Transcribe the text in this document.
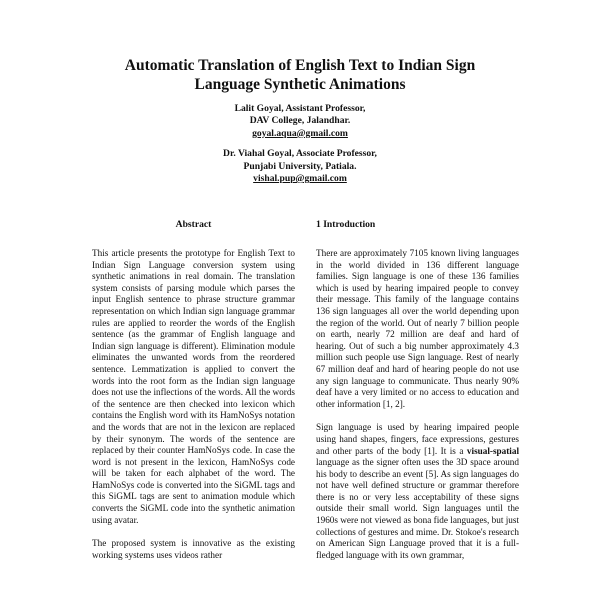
Automatic Translation of English Text to Indian Sign
Language Synthetic Animations
Lalit Goyal, Assistant Professor,
DAV College, Jalandhar.
goyal.aqua@gmail.com
Dr. Viahal Goyal, Associate Professor,
Punjabi University, Patiala.
vishal.pup@gmail.com
Abstract

This article presents the prototype for English Text to Indian Sign Language conversion system using synthetic animations in real domain. The translation system consists of parsing module which parses the input English sentence to phrase structure grammar representation on which Indian sign language grammar rules are applied to reorder the words of the English sentence (as the grammar of English language and Indian sign language is different). Elimination module eliminates the unwanted words from the reordered sentence. Lemmatization is applied to convert the words into the root form as the Indian sign language does not use the inflections of the words. All the words of the sentence are then checked into lexicon which contains the English word with its HamNoSys notation and the words that are not in the lexicon are replaced by their synonym. The words of the sentence are replaced by their counter HamNoSys code. In case the word is not present in the lexicon, HamNoSys code will be taken for each alphabet of the word. The HamNoSys code is converted into the SiGML tags and this SiGML tags are sent to animation module which converts the SiGML code into the synthetic animation using avatar.

The proposed system is innovative as the existing working systems uses videos rather

1 Introduction

There are approximately 7105 known living languages in the world divided in 136 different language families. Sign language is one of these 136 families which is used by hearing impaired people to convey their message. This family of the language contains 136 sign languages all over the world depending upon the region of the world. Out of nearly 7 billion people on earth, nearly 72 million are deaf and hard of hearing. Out of such a big number approximately 4.3 million such people use Sign language. Rest of nearly 67 million deaf and hard of hearing people do not use any sign language to communicate. Thus nearly 90% deaf have a very limited or no access to education and other information [1, 2].

Sign language is used by hearing impaired people using hand shapes, fingers, face expressions, gestures and other parts of the body [1]. It is a visual-spatial language as the signer often uses the 3D space around his body to describe an event [5]. As sign languages do not have well defined structure or grammar therefore there is no or very less acceptability of these signs outside their small world. Sign languages until the 1960s were not viewed as bona fide languages, but just collections of gestures and mime. Dr. Stokoe's research on American Sign Language proved that it is a full-fledged language with its own grammar,
